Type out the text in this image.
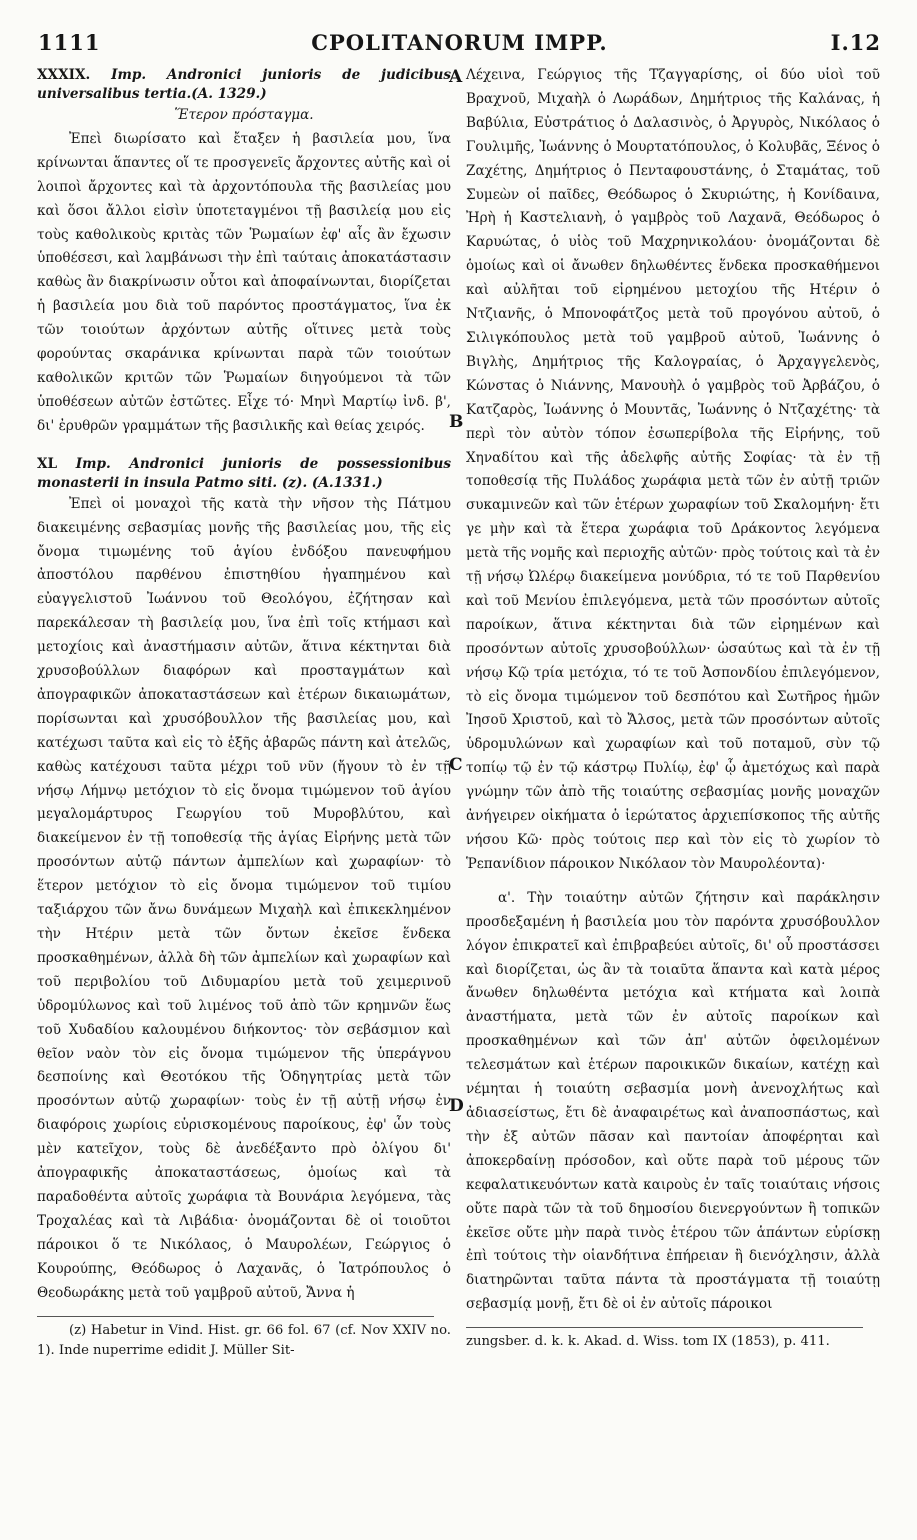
1111	CPOLITANORUM IMPP.	I.12

XXXIX. Imp. Andronici junioris de judicibus universalibus tertia.(A. 1329.)

Ἕτερον πρόσταγμα.

Ἐπεὶ διωρίσατο καὶ ἔταξεν ἡ βασιλεία μου, ἵνα κρίνωνται ἅπαντες οἵ τε προσγενεῖς ἄρχοντες αὐτῆς καὶ οἱ λοιποὶ ἄρχοντες καὶ τὰ ἀρχοντόπουλα τῆς βασιλείας μου καὶ ὅσοι ἄλλοι εἰσὶν ὑποτεταγμένοι τῇ βασιλείᾳ μου εἰς τοὺς καθολικοὺς κριτὰς τῶν Ῥωμαίων ἐφ' αἷς ἂν ἔχωσιν ὑποθέσεσι, καὶ λαμβάνωσι τὴν ἐπὶ ταύταις ἀποκατάστασιν καθὼς ἂν διακρίνωσιν οὗτοι καὶ ἀποφαίνωνται, διορίζεται ἡ βασιλεία μου διὰ τοῦ παρόντος προστάγματος, ἵνα ἐκ τῶν τοιούτων ἀρχόντων αὐτῆς οἵτινες μετὰ τοὺς φορούντας σκαράνικα κρίνωνται παρὰ τῶν τοιούτων καθολικῶν κριτῶν τῶν Ῥωμαίων διηγούμενοι τὰ τῶν ὑποθέσεων αὐτῶν ἐστῶτες. Εἶχε τό· Μηνὶ Μαρτίῳ ἰνδ. β', δι' ἐρυθρῶν γραμμάτων τῆς βασιλικῆς καὶ θείας χειρός.

XL Imp. Andronici junioris de possessionibus monasterii in insula Patmo siti. (z). (A.1331.)

Ἐπεὶ οἱ μοναχοὶ τῆς κατὰ τὴν νῆσον τὴς Πάτμου διακειμένης σεβασμίας μονῆς τῆς βασιλείας μου, τῆς εἰς ὄνομα τιμωμένης τοῦ ἁγίου ἐνδόξου πανευφήμου ἀποστόλου παρθένου ἐπιστηθίου ἠγαπημένου καὶ εὐαγγελιστοῦ Ἰωάννου τοῦ Θεολόγου, ἐζήτησαν καὶ παρεκάλεσαν τὴ βασιλείᾳ μου, ἵνα ἐπὶ τοῖς κτήμασι καὶ μετοχίοις καὶ ἀναστήμασιν αὐτῶν, ἅτινα κέκτηνται διὰ χρυσοβούλλων διαφόρων καὶ προσταγμάτων καὶ ἀπογραφικῶν ἀποκαταστάσεων καὶ ἑτέρων δικαιωμάτων, πορίσωνται καὶ χρυσόβουλλον τῆς βασιλείας μου, καὶ κατέχωσι ταῦτα καὶ εἰς τὸ ἑξῆς ἀβαρῶς πάντη καὶ ἀτελῶς, καθὼς κατέχουσι ταῦτα μέχρι τοῦ νῦν (ἤγουν τὸ ἐν τῇ νήσῳ Λήμνῳ μετόχιον τὸ εἰς ὄνομα τιμώμενον τοῦ ἁγίου μεγαλομάρτυρος Γεωργίου τοῦ Μυροβλύτου, καὶ διακείμενον ἐν τῇ τοποθεσίᾳ τῆς ἁγίας Εἰρήνης μετὰ τῶν προσόντων αὐτῷ πάντων ἀμπελίων καὶ χωραφίων· τὸ ἕτερον μετόχιον τὸ εἰς ὄνομα τιμώμενον τοῦ τιμίου ταξιάρχου τῶν ἄνω δυνάμεων Μιχαὴλ καὶ ἐπικεκλημένον τὴν Ητέριν μετὰ τῶν ὄντων ἐκεῖσε ἕνδεκα προσκαθημένων, ἀλλὰ δὴ τῶν ἀμπελίων καὶ χωραφίων καὶ τοῦ περιβολίου τοῦ Διδυμαρίου μετὰ τοῦ χειμερινοῦ ὑδρομύλωνος καὶ τοῦ λιμένος τοῦ ἀπὸ τῶν κρημνῶν ἕως τοῦ Χυδαδίου καλουμένου διήκοντος· τὸν σεβάσμιον καὶ θεῖον ναὸν τὸν εἰς ὄνομα τιμώμενον τῆς ὑπεράγνου δεσποίνης καὶ Θεοτόκου τῆς Ὁδηγητρίας μετὰ τῶν προσόντων αὐτῷ χωραφίων· τοὺς ἐν τῇ αὐτῇ νήσῳ ἐν διαφόροις χωρίοις εὑρισκομένους παροίκους, ἐφ' ὧν τοὺς μὲν κατεῖχον, τοὺς δὲ ἀνεδέξαντο πρὸ ὀλίγου δι' ἀπογραφικῆς ἀποκαταστάσεως, ὁμοίως καὶ τὰ παραδοθέντα αὐτοῖς χωράφια τὰ Βουνάρια λεγόμενα, τὰς Τροχαλέας καὶ τὰ Λιβάδια· ὀνομάζονται δὲ οἱ τοιοῦτοι πάροικοι ὅ τε Νικόλαος, ὁ Μαυρολέων, Γεώργιος ὁ Κουρούπης, Θεόδωρος ὁ Λαχανᾶς, ὁ Ἰατρόπουλος ὁ Θεοδωράκης μετὰ τοῦ γαμβροῦ αὐτοῦ, Ἄννα ἡ

(z) Habetur in Vind. Hist. gr. 66 fol. 67 (cf. Nov XXIV no. 1). Inde nuperrime edidit J. Müller Sit-

A
B
C
D

Λέχεινα, Γεώργιος τῆς Τζαγγαρίσης, οἱ δύο υἱοὶ τοῦ Βραχνοῦ, Μιχαὴλ ὁ Λωράδων, Δημήτριος τῆς Καλάνας, ἡ Βαβύλια, Εὐστράτιος ὁ Δαλασινὸς, ὁ Ἀργυρὸς, Νικόλαος ὁ Γουλιμῆς, Ἰωάννης ὁ Μουρτατόπουλος, ὁ Κολυβᾶς, Ξένος ὁ Ζαχέτης, Δημήτριος ὁ Πενταφουστάνης, ὁ Σταμάτας, τοῦ Συμεὼν οἱ παῖδες, Θεόδωρος ὁ Σκυριώτης, ἡ Κονίδαινα, Ἠρὴ ἡ Καστελιανὴ, ὁ γαμβρὸς τοῦ Λαχανᾶ, Θεόδωρος ὁ Καρυώτας, ὁ υἱὸς τοῦ Μαχρηνικολάου· ὀνομάζονται δὲ ὁμοίως καὶ οἱ ἄνωθεν δηλωθέντες ἕνδεκα προσκαθήμενοι καὶ αὐλῆται τοῦ εἰρημένου μετοχίου τῆς Ητέριν ὁ Ντζιανῆς, ὁ Μπονοφάτζος μετὰ τοῦ προγόνου αὐτοῦ, ὁ Σιλιγκόπουλος μετὰ τοῦ γαμβροῦ αὐτοῦ, Ἰωάννης ὁ Βιγλὴς, Δημήτριος τῆς Καλογραίας, ὁ Ἀρχαγγελενὸς, Κώνστας ὁ Νιάννης, Μανουὴλ ὁ γαμβρὸς τοῦ Ἀρβάζου, ὁ Κατζαρὸς, Ἰωάννης ὁ Μουντᾶς, Ἰωάννης ὁ Ντζαχέτης· τὰ περὶ τὸν αὐτὸν τόπον ἐσωπερίβολα τῆς Εἰρήνης, τοῦ Χηναδίτου καὶ τῆς ἀδελφῆς αὐτῆς Σοφίας· τὰ ἐν τῇ τοποθεσίᾳ τῆς Πυλάδος χωράφια μετὰ τῶν ἐν αὐτῇ τριῶν συκαμινεῶν καὶ τῶν ἑτέρων χωραφίων τοῦ Σκαλομήνη· ἔτι γε μὴν καὶ τὰ ἕτερα χωράφια τοῦ Δράκοντος λεγόμενα μετὰ τῆς νομῆς καὶ περιοχῆς αὐτῶν· πρὸς τούτοις καὶ τὰ ἐν τῇ νήσῳ Ὠλέρῳ διακείμενα μονύδρια, τό τε τοῦ Παρθενίου καὶ τοῦ Μενίου ἐπιλεγόμενα, μετὰ τῶν προσόντων αὐτοῖς παροίκων, ἅτινα κέκτηνται διὰ τῶν εἰρημένων καὶ προσόντων αὐτοῖς χρυσοβούλλων· ὡσαύτως καὶ τὰ ἐν τῇ νήσῳ Κῷ τρία μετόχια, τό τε τοῦ Ἀσπονδίου ἐπιλεγόμενον, τὸ εἰς ὄνομα τιμώμενον τοῦ δεσπότου καὶ Σωτῆρος ἡμῶν Ἰησοῦ Χριστοῦ, καὶ τὸ Ἄλσος, μετὰ τῶν προσόντων αὐτοῖς ὑδρομυλώνων καὶ χωραφίων καὶ τοῦ ποταμοῦ, σὺν τῷ τοπίῳ τῷ ἐν τῷ κάστρῳ Πυλίῳ, ἐφ' ᾧ ἀμετόχως καὶ παρὰ γνώμην τῶν ἀπὸ τῆς τοιαύτης σεβασμίας μονῆς μοναχῶν ἀνήγειρεν οἰκήματα ὁ ἱερώτατος ἀρχιεπίσκοπος τῆς αὐτῆς νήσου Κῶ· πρὸς τούτοις περ καὶ τὸν εἰς τὸ χωρίον τὸ Ῥεπανίδιον πάροικον Νικόλαον τὸν Μαυρολέοντα)·

α'. Τὴν τοιαύτην αὐτῶν ζήτησιν καὶ παράκλησιν προσδεξαμένη ἡ βασιλεία μου τὸν παρόντα χρυσόβουλλον λόγον ἐπικρατεῖ καὶ ἐπιβραβεύει αὐτοῖς, δι' οὗ προστάσσει καὶ διορίζεται, ὡς ἂν τὰ τοιαῦτα ἅπαντα καὶ κατὰ μέρος ἄνωθεν δηλωθέντα μετόχια καὶ κτήματα καὶ λοιπὰ ἀναστήματα, μετὰ τῶν ἐν αὐτοῖς παροίκων καὶ προσκαθημένων καὶ τῶν ἀπ' αὐτῶν ὀφειλομένων τελεσμάτων καὶ ἑτέρων παροικικῶν δικαίων, κατέχῃ καὶ νέμηται ἡ τοιαύτη σεβασμία μονὴ ἀνενοχλήτως καὶ ἀδιασείστως, ἔτι δὲ ἀναφαιρέτως καὶ ἀναποσπάστως, καὶ τὴν ἐξ αὐτῶν πᾶσαν καὶ παντοίαν ἀποφέρηται καὶ ἀποκερδαίνῃ πρόσοδον, καὶ οὔτε παρὰ τοῦ μέρους τῶν κεφαλατικευόντων κατὰ καιροὺς ἐν ταῖς τοιαύταις νήσοις οὔτε παρὰ τῶν τὰ τοῦ δημοσίου διενεργούντων ἢ τοπικῶν ἐκεῖσε οὔτε μὴν παρὰ τινὸς ἑτέρου τῶν ἁπάντων εὑρίσκῃ ἐπὶ τούτοις τὴν οἱανδήτινα ἐπήρειαν ἢ διενόχλησιν, ἀλλὰ διατηρῶνται ταῦτα πάντα τὰ προστάγματα τῇ τοιαύτῃ σεβασμίᾳ μονῇ, ἔτι δὲ οἱ ἐν αὐτοῖς πάροικοι

zungsber. d. k. k. Akad. d. Wiss. tom IX (1853), p. 411.
